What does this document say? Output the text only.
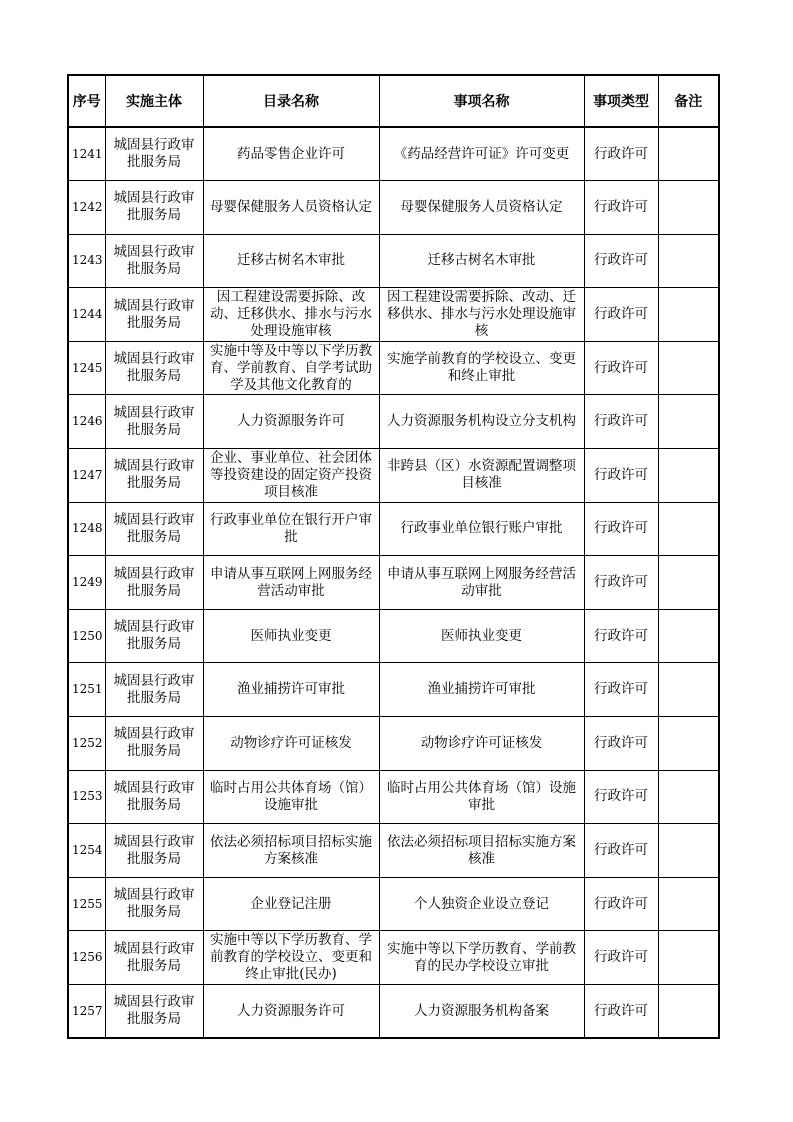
序号	实施主体	目录名称	事项名称	事项类型	备注
1241	城固县行政审批服务局	药品零售企业许可	《药品经营许可证》许可变更	行政许可	
1242	城固县行政审批服务局	母婴保健服务人员资格认定	母婴保健服务人员资格认定	行政许可	
1243	城固县行政审批服务局	迁移古树名木审批	迁移古树名木审批	行政许可	
1244	城固县行政审批服务局	因工程建设需要拆除、改动、迁移供水、排水与污水处理设施审核	因工程建设需要拆除、改动、迁移供水、排水与污水处理设施审核	行政许可	
1245	城固县行政审批服务局	实施中等及中等以下学历教育、学前教育、自学考试助学及其他文化教育的	实施学前教育的学校设立、变更和终止审批	行政许可	
1246	城固县行政审批服务局	人力资源服务许可	人力资源服务机构设立分支机构	行政许可	
1247	城固县行政审批服务局	企业、事业单位、社会团体等投资建设的固定资产投资项目核准	非跨县（区）水资源配置调整项目核准	行政许可	
1248	城固县行政审批服务局	行政事业单位在银行开户审批	行政事业单位银行账户审批	行政许可	
1249	城固县行政审批服务局	申请从事互联网上网服务经营活动审批	申请从事互联网上网服务经营活动审批	行政许可	
1250	城固县行政审批服务局	医师执业变更	医师执业变更	行政许可	
1251	城固县行政审批服务局	渔业捕捞许可审批	渔业捕捞许可审批	行政许可	
1252	城固县行政审批服务局	动物诊疗许可证核发	动物诊疗许可证核发	行政许可	
1253	城固县行政审批服务局	临时占用公共体育场（馆）设施审批	临时占用公共体育场（馆）设施审批	行政许可	
1254	城固县行政审批服务局	依法必须招标项目招标实施方案核准	依法必须招标项目招标实施方案核准	行政许可	
1255	城固县行政审批服务局	企业登记注册	个人独资企业设立登记	行政许可	
1256	城固县行政审批服务局	实施中等以下学历教育、学前教育的学校设立、变更和终止审批(民办)	实施中等以下学历教育、学前教育的民办学校设立审批	行政许可	
1257	城固县行政审批服务局	人力资源服务许可	人力资源服务机构备案	行政许可	
